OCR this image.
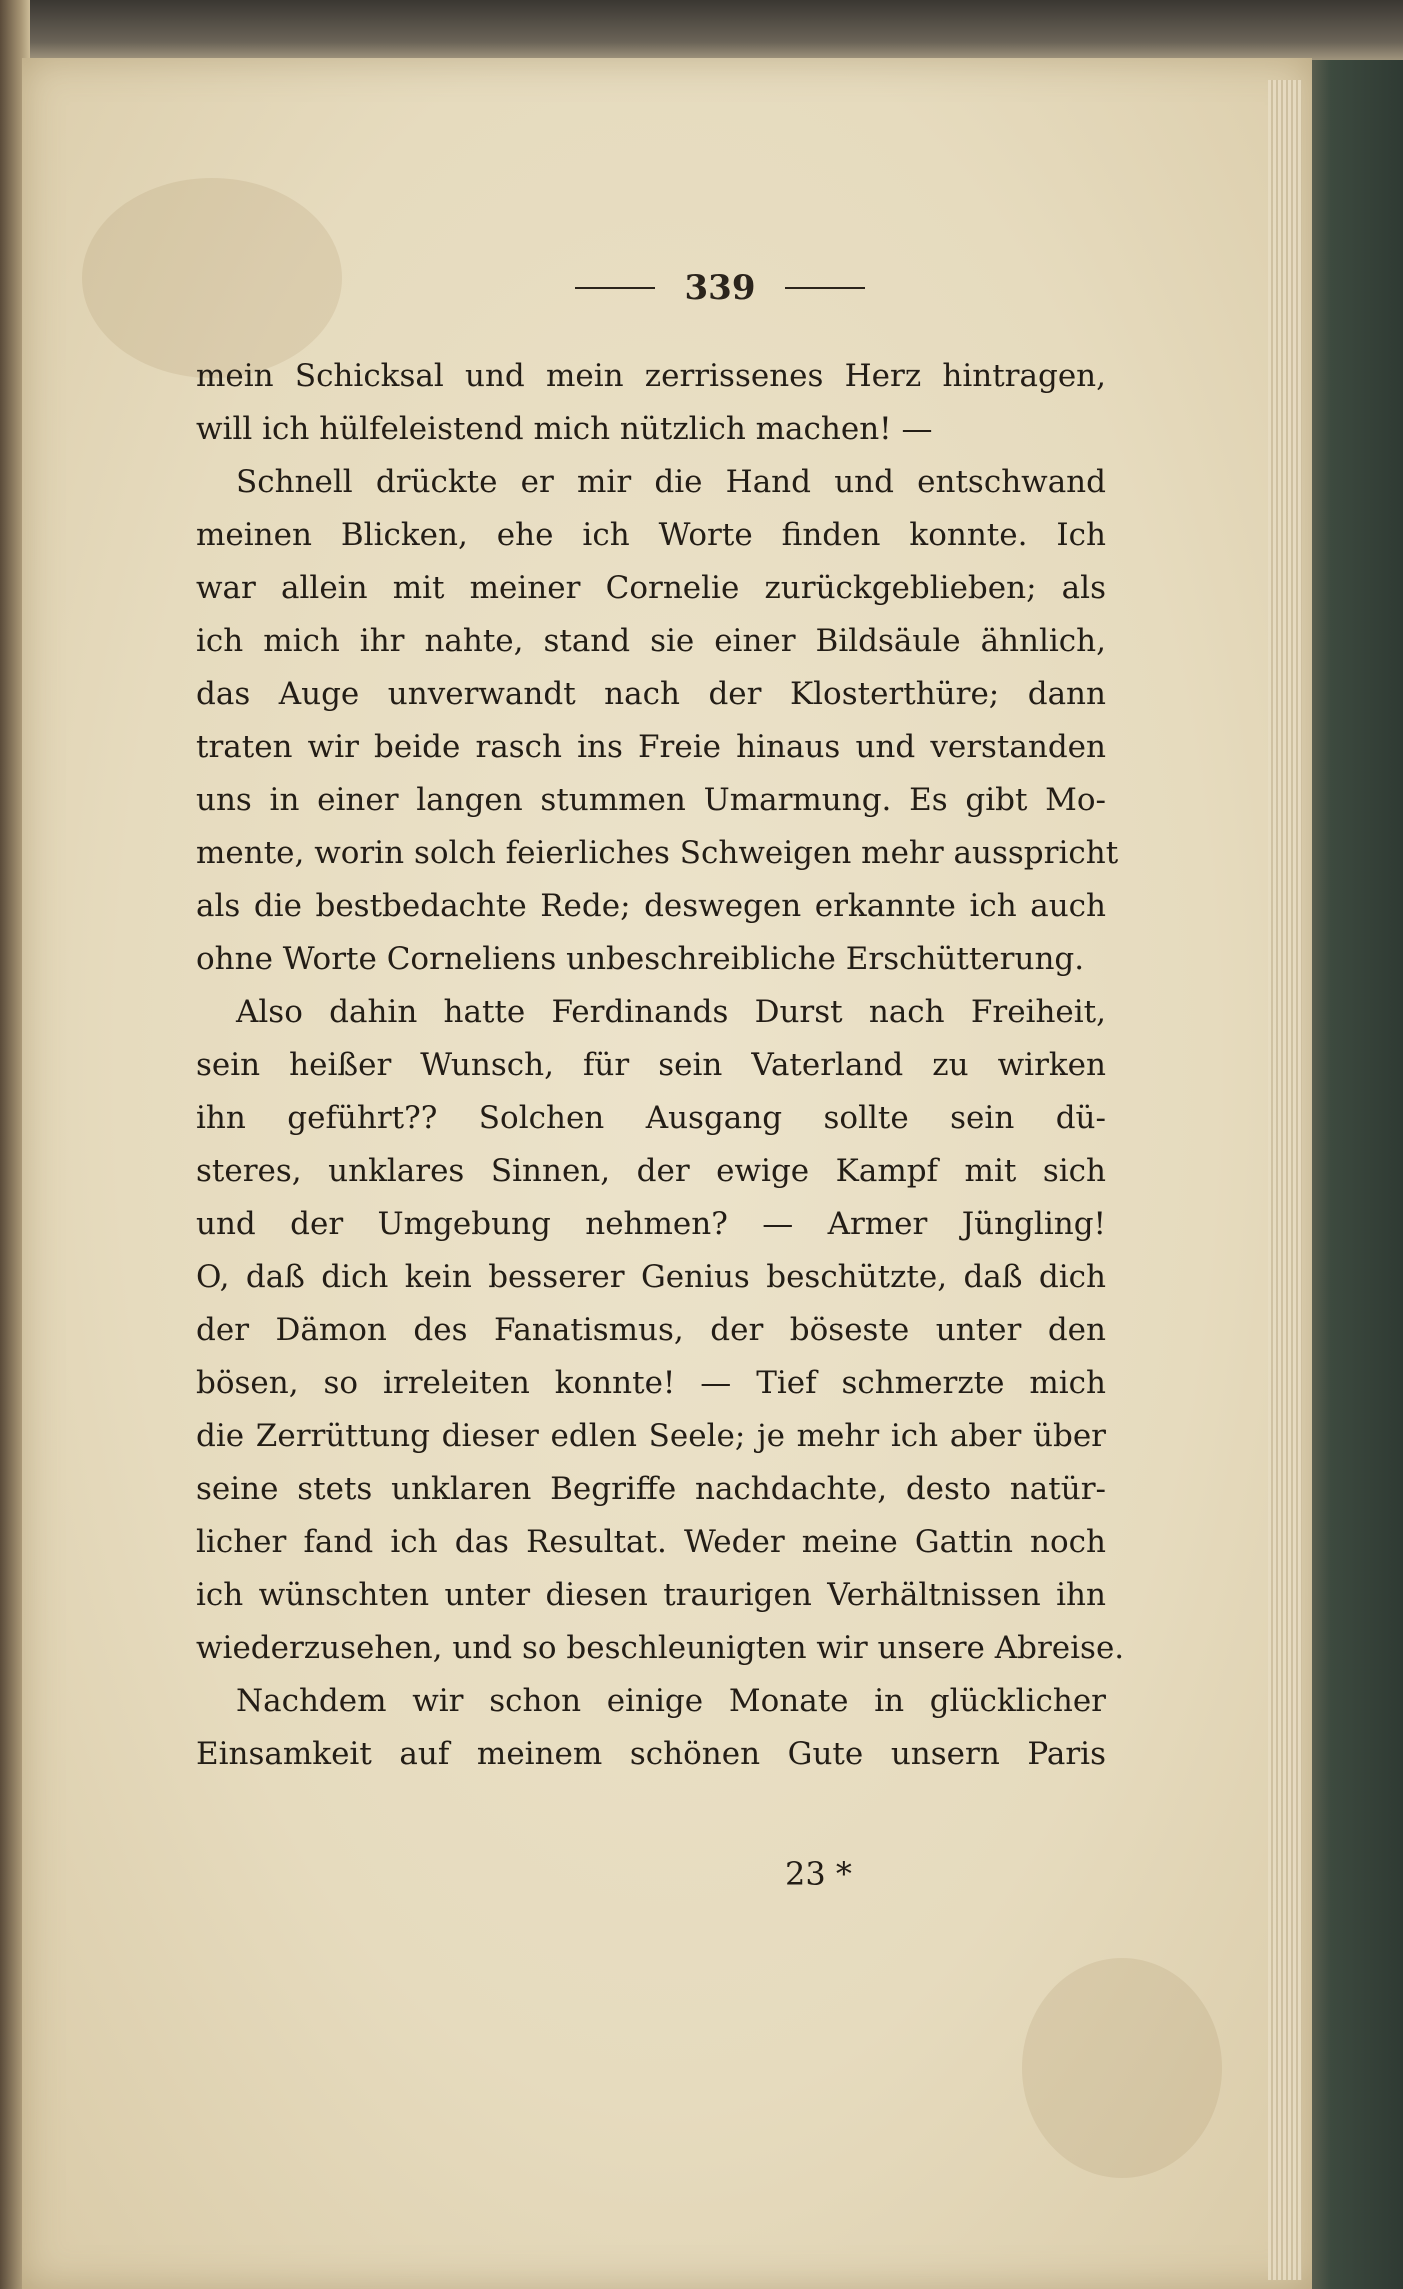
339
mein Schicksal und mein zerrissenes Herz hintragen,
will ich hülfeleistend mich nützlich machen! —
Schnell drückte er mir die Hand und entschwand
meinen Blicken, ehe ich Worte finden konnte. Ich
war allein mit meiner Cornelie zurückgeblieben; als
ich mich ihr nahte, stand sie einer Bildsäule ähnlich,
das Auge unverwandt nach der Klosterthüre; dann
traten wir beide rasch ins Freie hinaus und verstanden
uns in einer langen stummen Umarmung. Es gibt Mo-
mente, worin solch feierliches Schweigen mehr ausspricht
als die bestbedachte Rede; deswegen erkannte ich auch
ohne Worte Corneliens unbeschreibliche Erschütterung.
Also dahin hatte Ferdinands Durst nach Freiheit,
sein heißer Wunsch, für sein Vaterland zu wirken
ihn geführt?? Solchen Ausgang sollte sein dü-
steres, unklares Sinnen, der ewige Kampf mit sich
und der Umgebung nehmen? — Armer Jüngling!
O, daß dich kein besserer Genius beschützte, daß dich
der Dämon des Fanatismus, der böseste unter den
bösen, so irreleiten konnte! — Tief schmerzte mich
die Zerrüttung dieser edlen Seele; je mehr ich aber über
seine stets unklaren Begriffe nachdachte, desto natür-
licher fand ich das Resultat. Weder meine Gattin noch
ich wünschten unter diesen traurigen Verhältnissen ihn
wiederzusehen, und so beschleunigten wir unsere Abreise.
Nachdem wir schon einige Monate in glücklicher
Einsamkeit auf meinem schönen Gute unsern Paris
23 *
